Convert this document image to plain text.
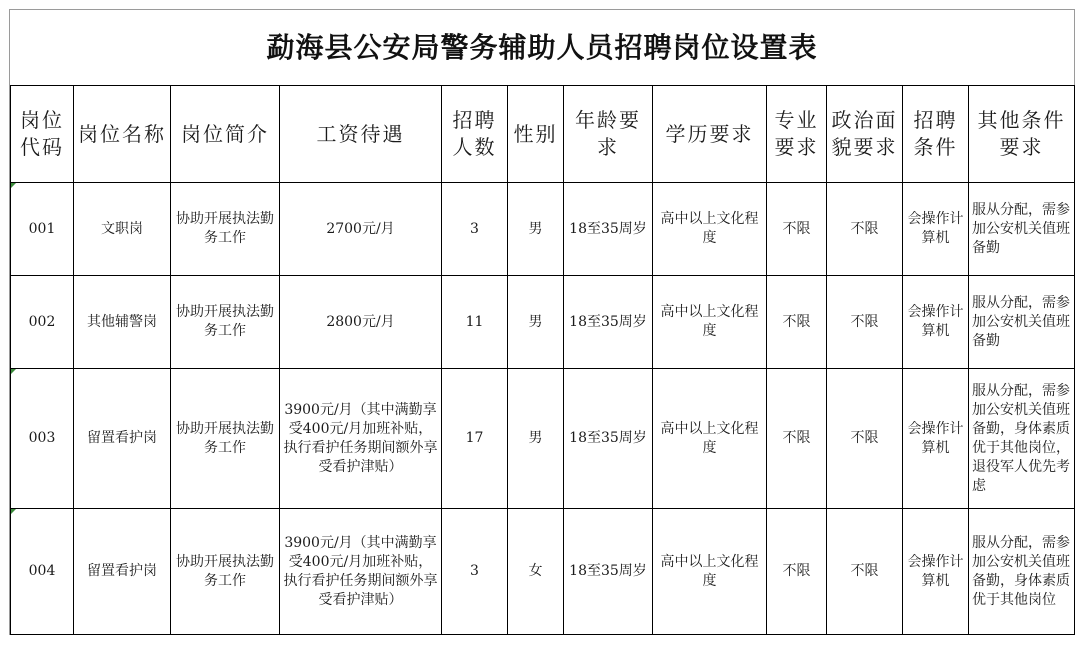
勐海县公安局警务辅助人员招聘岗位设置表
岗位代码	岗位名称	岗位简介	工资待遇	招聘人数	性别	年龄要求	学历要求	专业要求	政治面貌要求	招聘条件	其他条件要求

001	文职岗	协助开展执法勤务工作	2700元/月	3	男	18至35周岁	高中以上文化程度	不限	不限	会操作计算机	服从分配，需参加公安机关值班备勤
002	其他辅警岗	协助开展执法勤务工作	2800元/月	11	男	18至35周岁	高中以上文化程度	不限	不限	会操作计算机	服从分配，需参加公安机关值班备勤

003	留置看护岗	协助开展执法勤务工作	3900元/月（其中满勤享受400元/月加班补贴，执行看护任务期间额外享受看护津贴）	17	男	18至35周岁	高中以上文化程度	不限	不限	会操作计算机	服从分配，需参加公安机关值班备勤，身体素质优于其他岗位，退役军人优先考虑

004	留置看护岗	协助开展执法勤务工作	3900元/月（其中满勤享受400元/月加班补贴，执行看护任务期间额外享受看护津贴）	3	女	18至35周岁	高中以上文化程度	不限	不限	会操作计算机	服从分配，需参加公安机关值班备勤，身体素质优于其他岗位
